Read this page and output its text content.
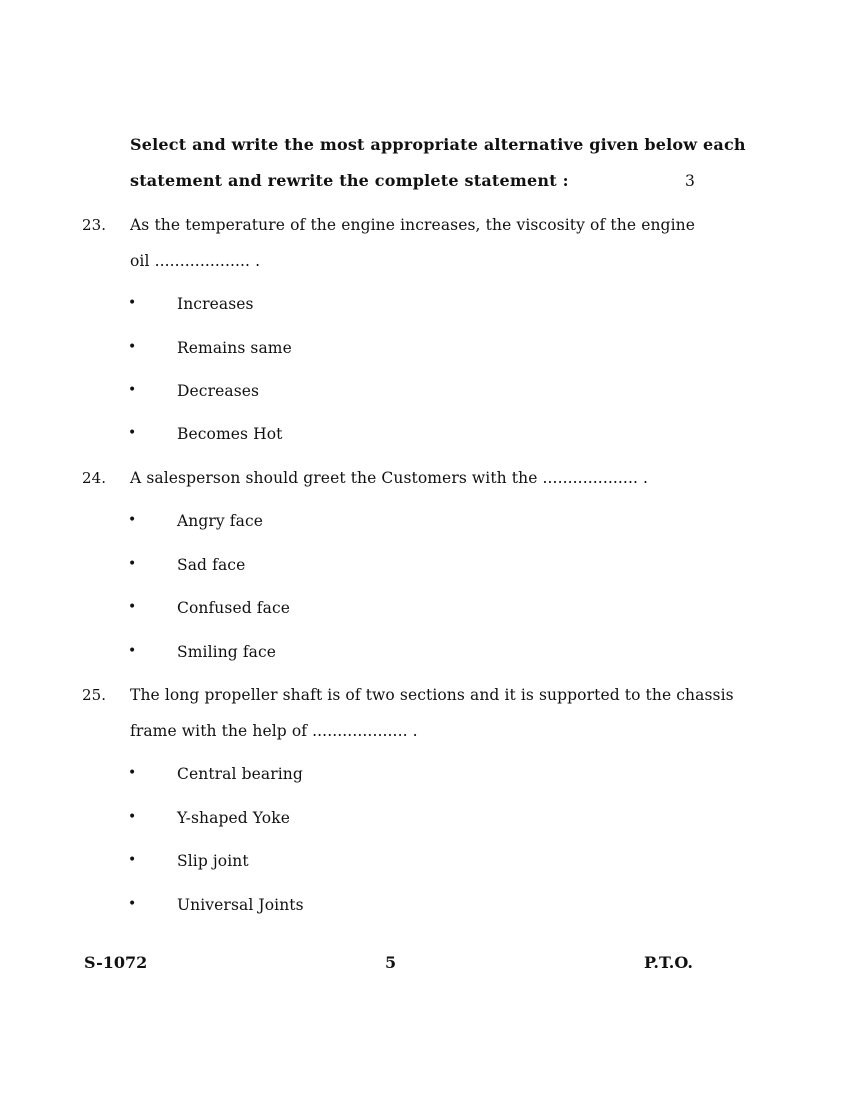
Select and write the most appropriate alternative given below each
statement and rewrite the complete statement :	3
23. As the temperature of the engine increases, the viscosity of the engine
oil ................... .
•	Increases
•	Remains same
•	Decreases
•	Becomes Hot
24. A salesperson should greet the Customers with the ................... .
•	Angry face
•	Sad face
•	Confused face
•	Smiling face
25. The long propeller shaft is of two sections and it is supported to the chassis
frame with the help of ................... .
•	Central bearing
•	Y-shaped Yoke
•	Slip joint
•	Universal Joints
S-1072	5	P.T.O.
